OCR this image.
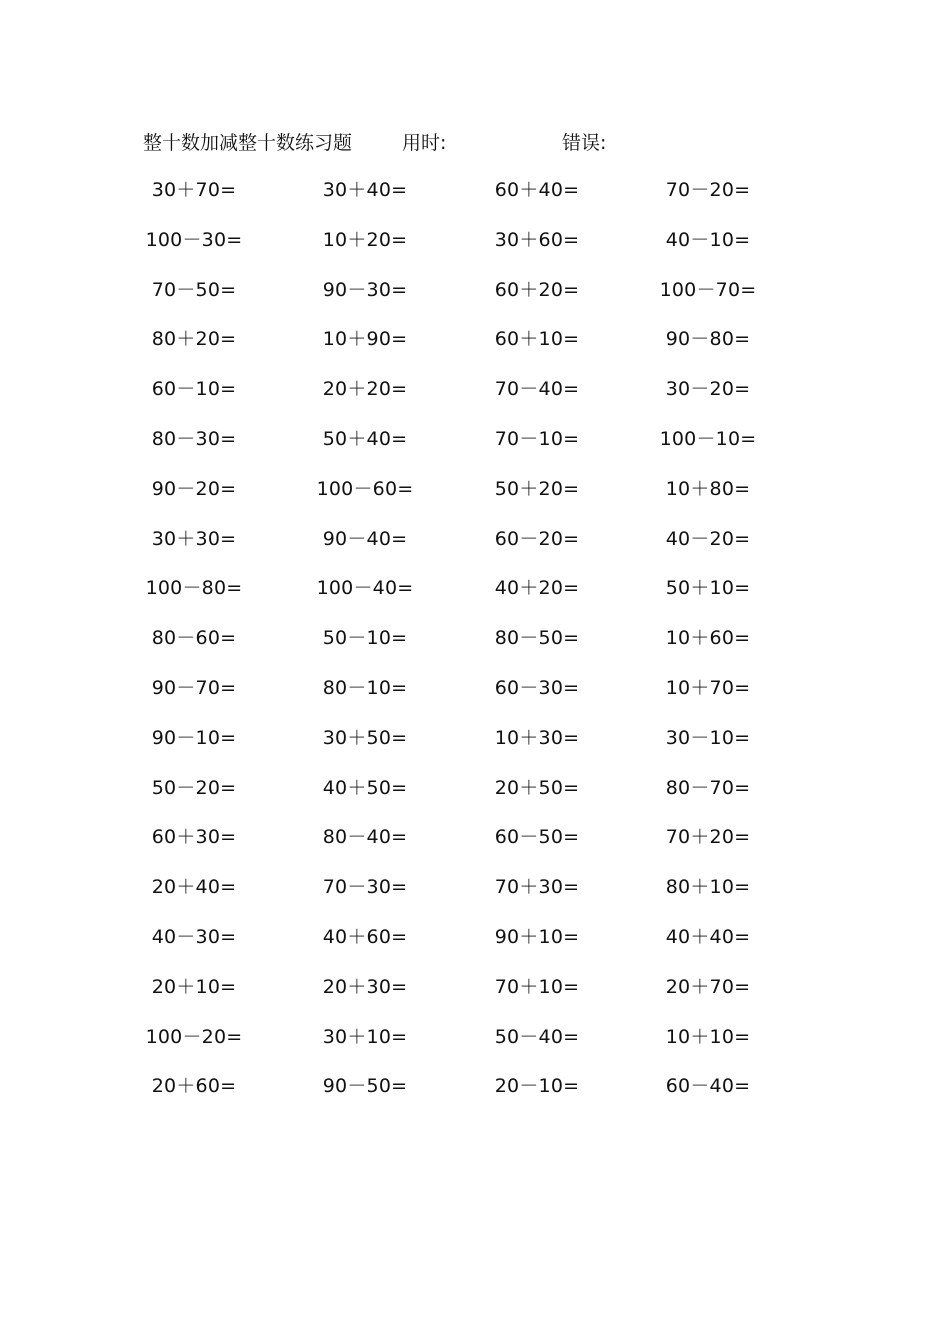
整十数加减整十数练习题	用时:	错误:
30＋70=	30＋40=	60＋40=	70－20=
100－30=	10＋20=	30＋60=	40－10=
70－50=	90－30=	60＋20=	100－70=
80＋20=	10＋90=	60＋10=	90－80=
60－10=	20＋20=	70－40=	30－20=
80－30=	50＋40=	70－10=	100－10=
90－20=	100－60=	50＋20=	10＋80=
30＋30=	90－40=	60－20=	40－20=
100－80=	100－40=	40＋20=	50＋10=
80－60=	50－10=	80－50=	10＋60=
90－70=	80－10=	60－30=	10＋70=
90－10=	30＋50=	10＋30=	30－10=
50－20=	40＋50=	20＋50=	80－70=
60＋30=	80－40=	60－50=	70＋20=
20＋40=	70－30=	70＋30=	80＋10=
40－30=	40＋60=	90＋10=	40＋40=
20＋10=	20＋30=	70＋10=	20＋70=
100－20=	30＋10=	50－40=	10＋10=
20＋60=	90－50=	20－10=	60－40=
